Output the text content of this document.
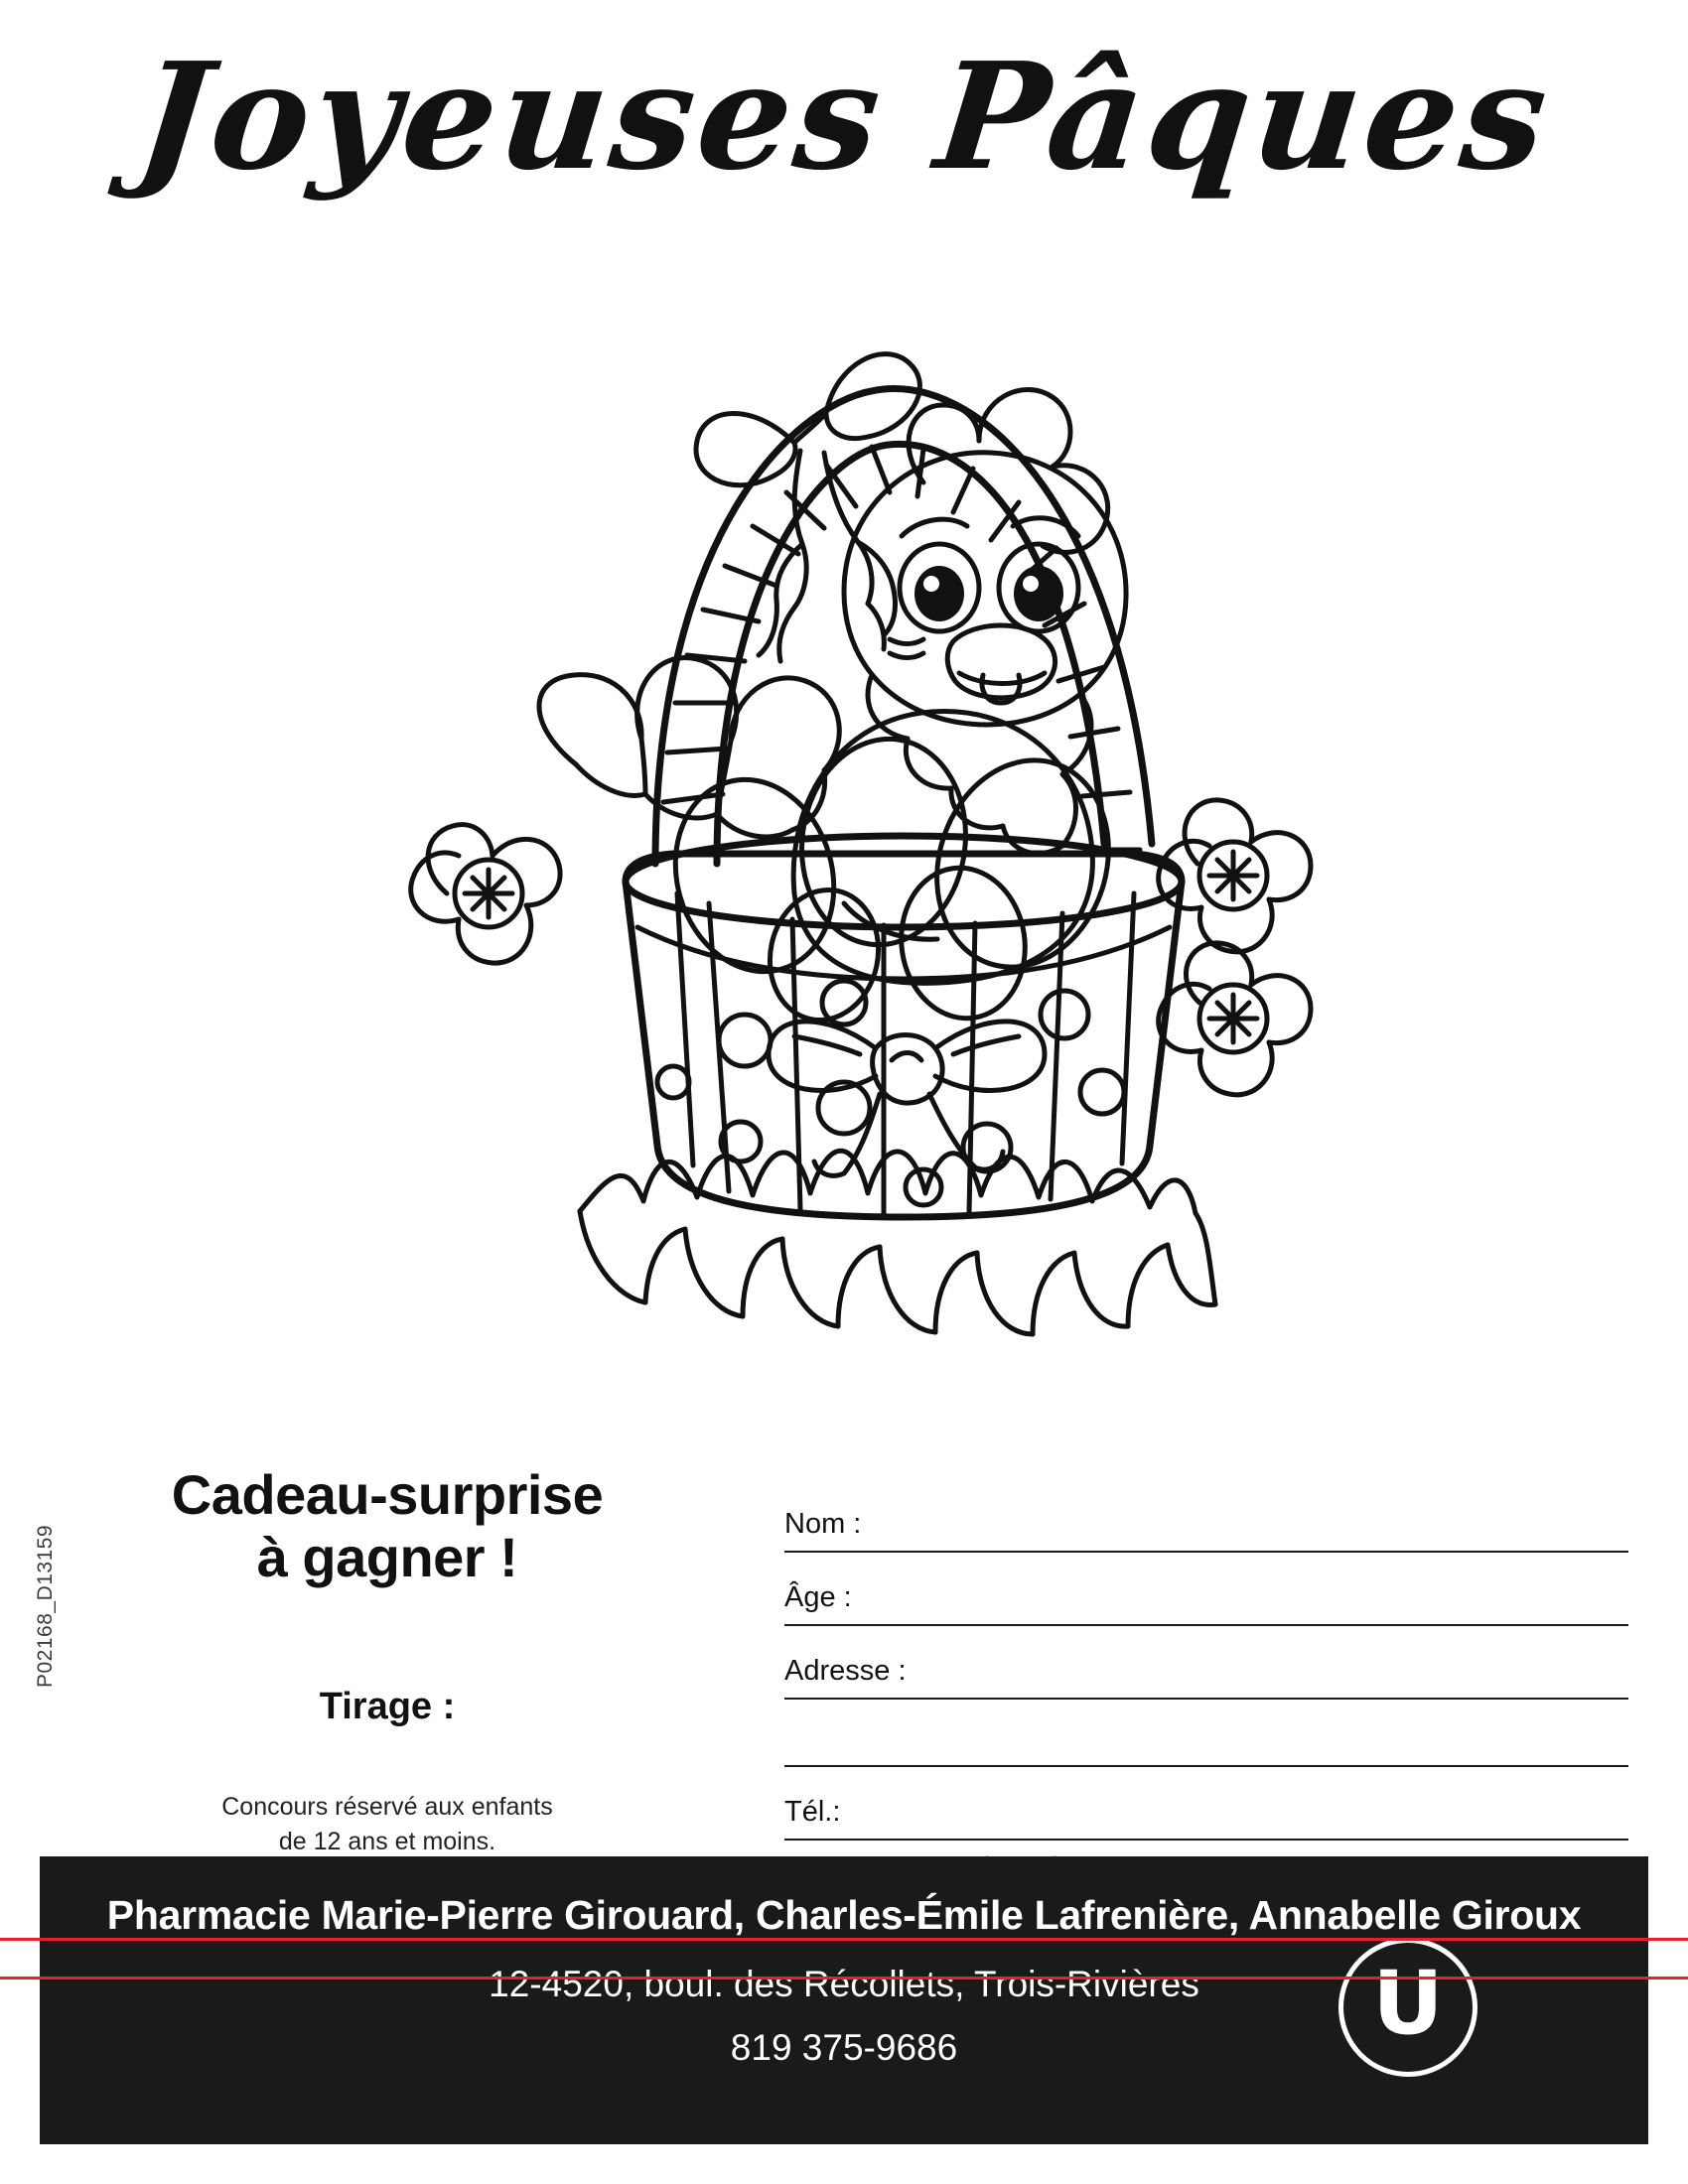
Joyeuses Pâques
Cadeau-surprise
à gagner !
Tirage :
Concours réservé aux enfants
de 12 ans et moins.
P02168_D13159
Nom :
Âge :
Adresse :
Tél.:
Pharmacie Marie-Pierre Girouard, Charles-Émile Lafrenière, Annabelle Giroux
12-4520, boul. des Récollets, Trois-Rivières
819 375-9686	U
